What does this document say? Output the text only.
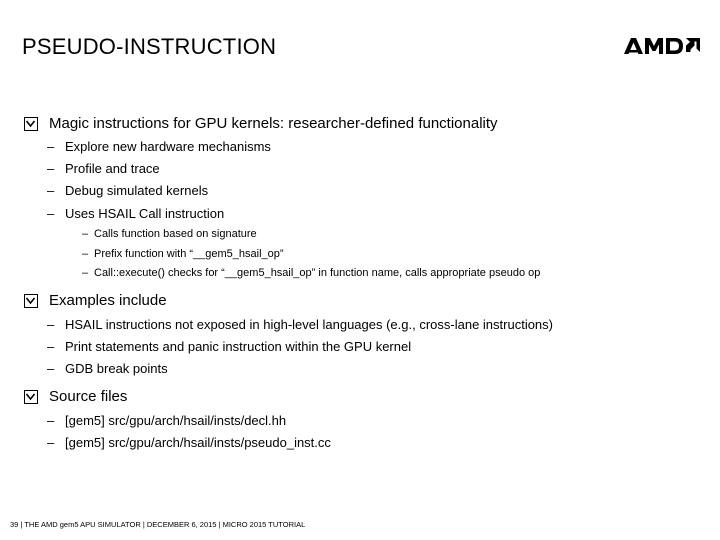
PSEUDO-INSTRUCTION
Magic instructions for GPU kernels: researcher-defined functionality
– Explore new hardware mechanisms
– Profile and trace
– Debug simulated kernels
– Uses HSAIL Call instruction
– Calls function based on signature
– Prefix function with “__gem5_hsail_op”
– Call::execute() checks for “__gem5_hsail_op” in function name, calls appropriate pseudo op
Examples include
– HSAIL instructions not exposed in high-level languages (e.g., cross-lane instructions)
– Print statements and panic instruction within the GPU kernel
– GDB break points
Source files
– [gem5] src/gpu/arch/hsail/insts/decl.hh
– [gem5] src/gpu/arch/hsail/insts/pseudo_inst.cc
39 | THE AMD gem5 APU SIMULATOR | DECEMBER 6, 2015 | MICRO 2015 TUTORIAL
